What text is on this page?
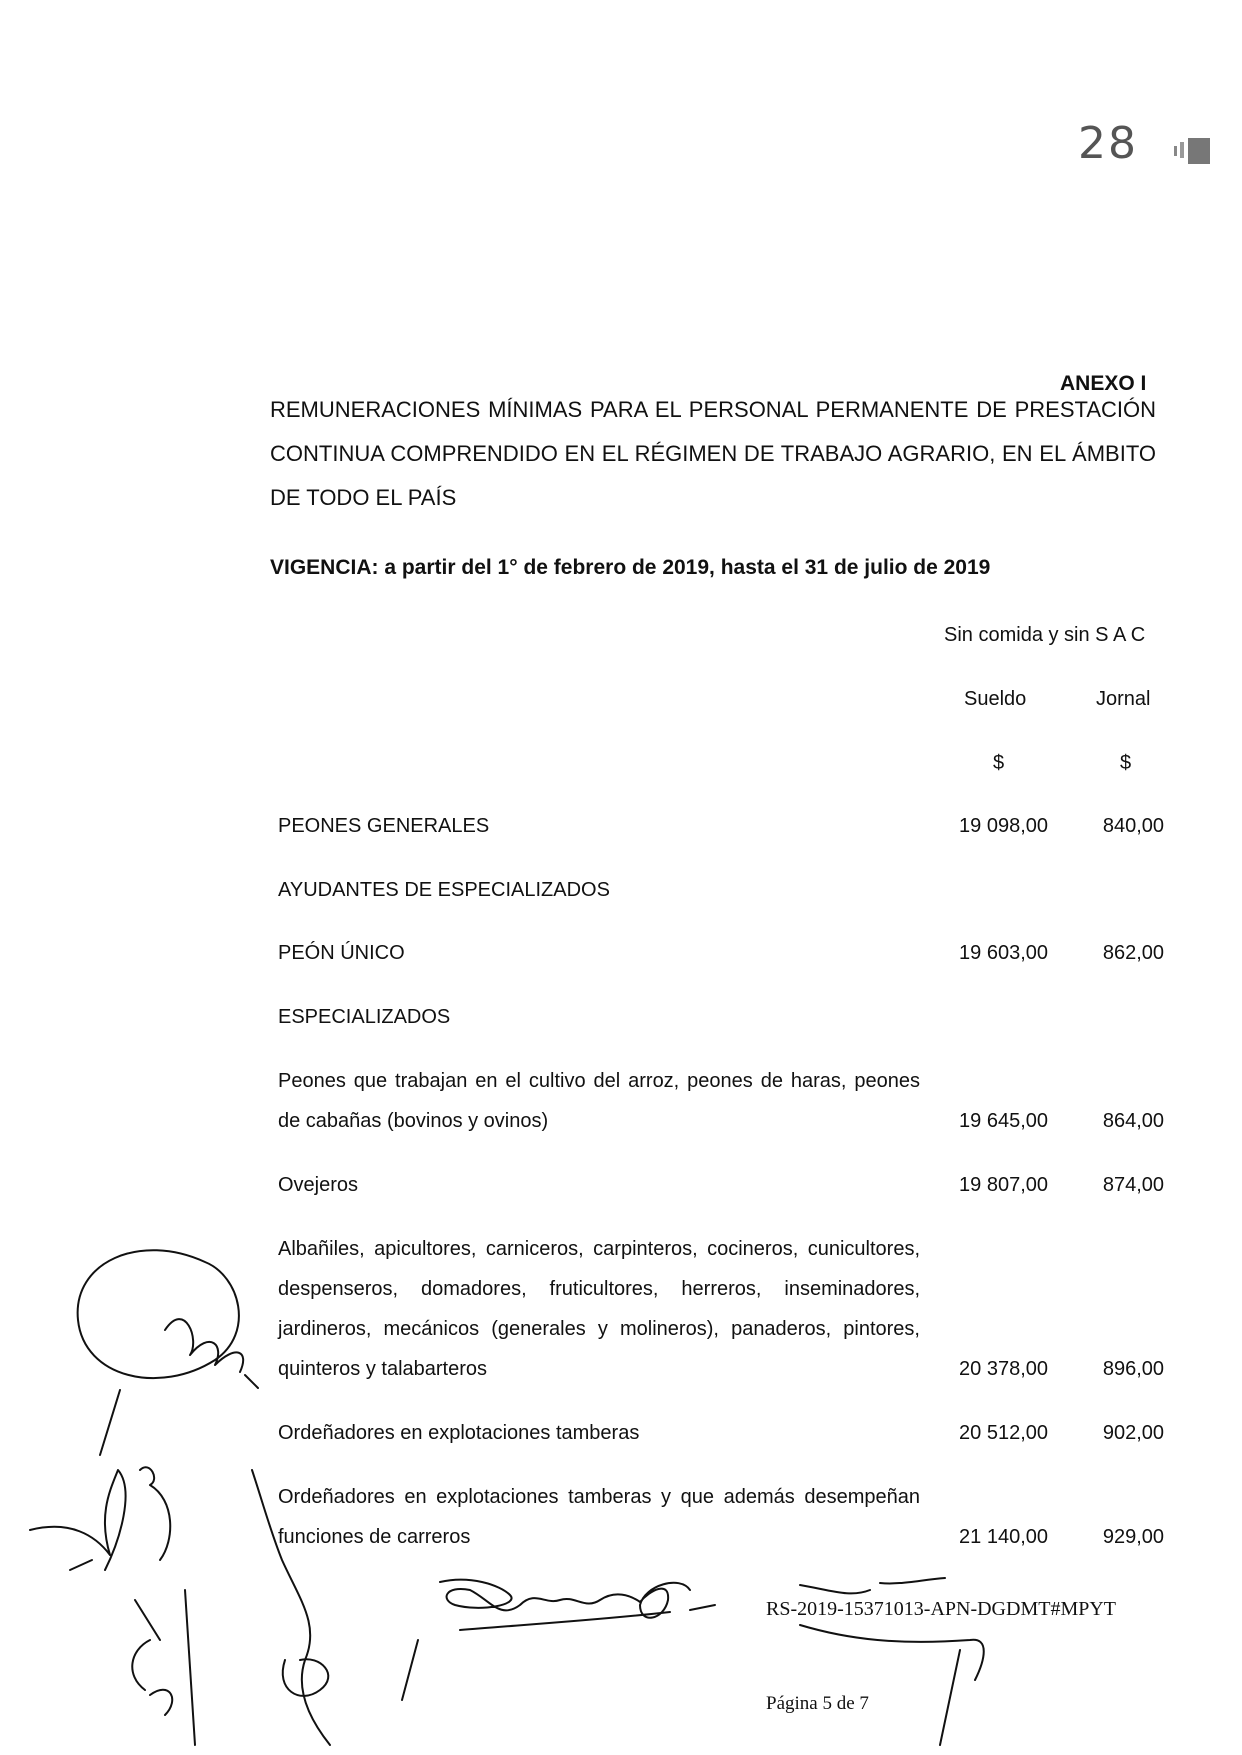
28
ANEXO I

REMUNERACIONES MÍNIMAS PARA EL PERSONAL PERMANENTE DE PRESTACIÓN CONTINUA COMPRENDIDO EN EL RÉGIMEN DE TRABAJO AGRARIO, EN EL ÁMBITO DE TODO EL PAÍS

VIGENCIA: a partir del 1° de febrero de 2019, hasta el 31 de julio de 2019
Sin comida y sin S A C
Sueldo	Jornal
$	$
PEONES GENERALES	19 098,00	840,00
AYUDANTES DE ESPECIALIZADOS
PEÓN ÚNICO	19 603,00	862,00
ESPECIALIZADOS
Peones que trabajan en el cultivo del arroz, peones de haras, peones de cabañas (bovinos y ovinos)	19 645,00	864,00
Ovejeros	19 807,00	874,00
Albañiles, apicultores, carniceros, carpinteros, cocineros, cunicultores, despenseros, domadores, fruticultores, herreros, inseminadores, jardineros, mecánicos (generales y molineros), panaderos, pintores, quinteros y talabarteros	20 378,00	896,00
Ordeñadores en explotaciones tamberas	20 512,00	902,00
Ordeñadores en explotaciones tamberas y que además desempeñan funciones de carreros	21 140,00	929,00
RS-2019-15371013-APN-DGDMT#MPYT
Página 5 de 7
